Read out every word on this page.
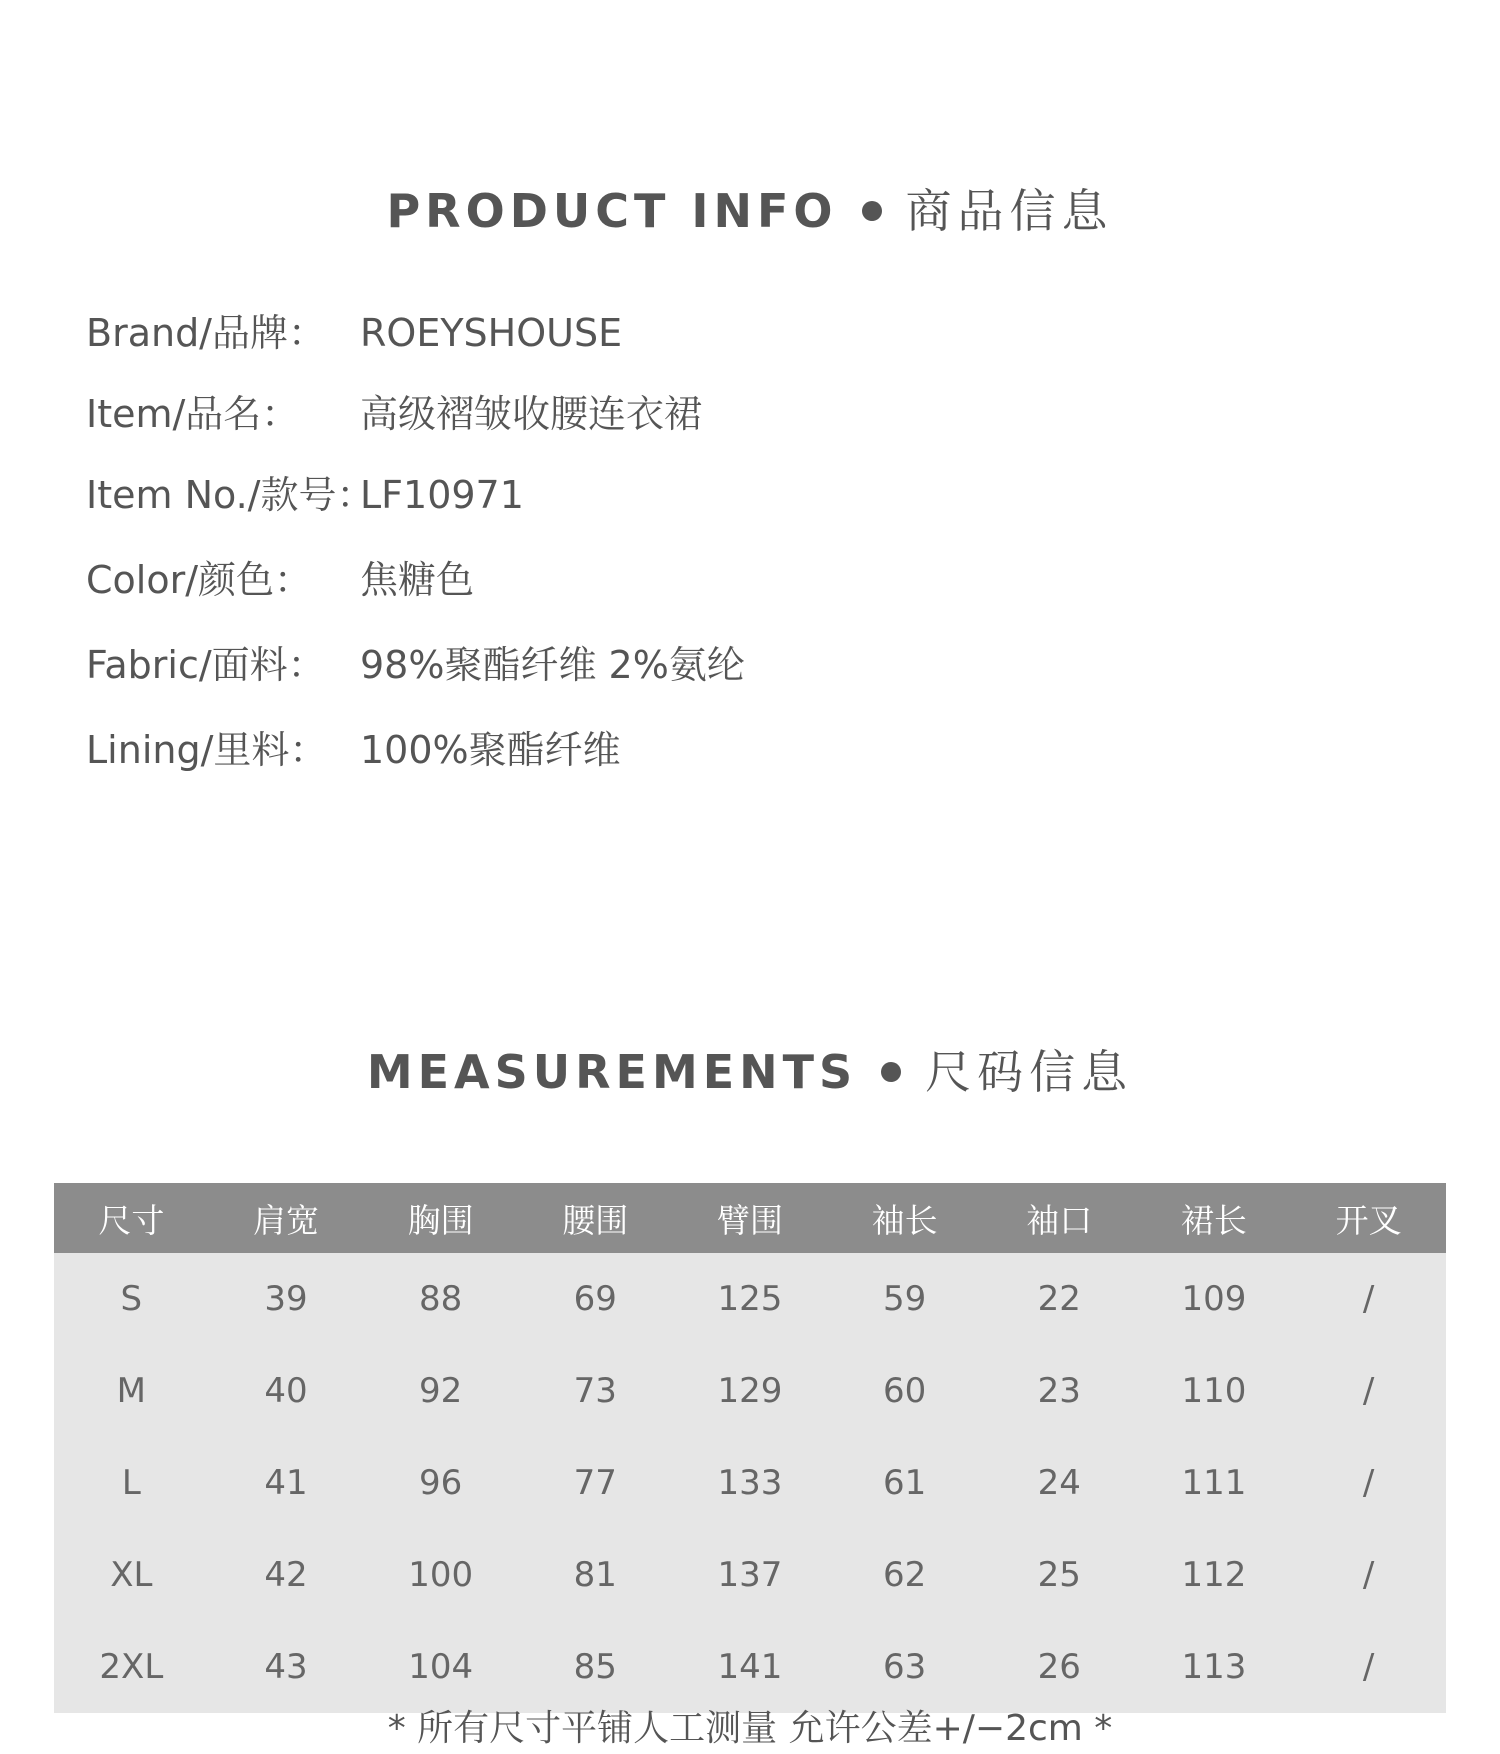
PRODUCT INFO 商品信息
Brand/品牌： ROEYSHOUSE
Item/品名： 高级褶皱收腰连衣裙
Item No./款号：
LF10971
Color/颜色： 焦糖色
Fabric/面料： 98%聚酯纤维 2%氨纶
Lining/里料： 100%聚酯纤维
MEASUREMENTS 尺码信息
尺寸	肩宽	胸围	腰围	臂围	袖长	袖口	裙长	开叉
S	39	88	69	125	59	22	109	/
M	40	92	73	129	60	23	110	/
L	41	96	77	133	61	24	111	/
XL	42	100	81	137	62	25	112	/
2XL	43	104	85	141	63	26	113	/
* 所有尺寸平铺人工测量 允许公差+/−2cm *
